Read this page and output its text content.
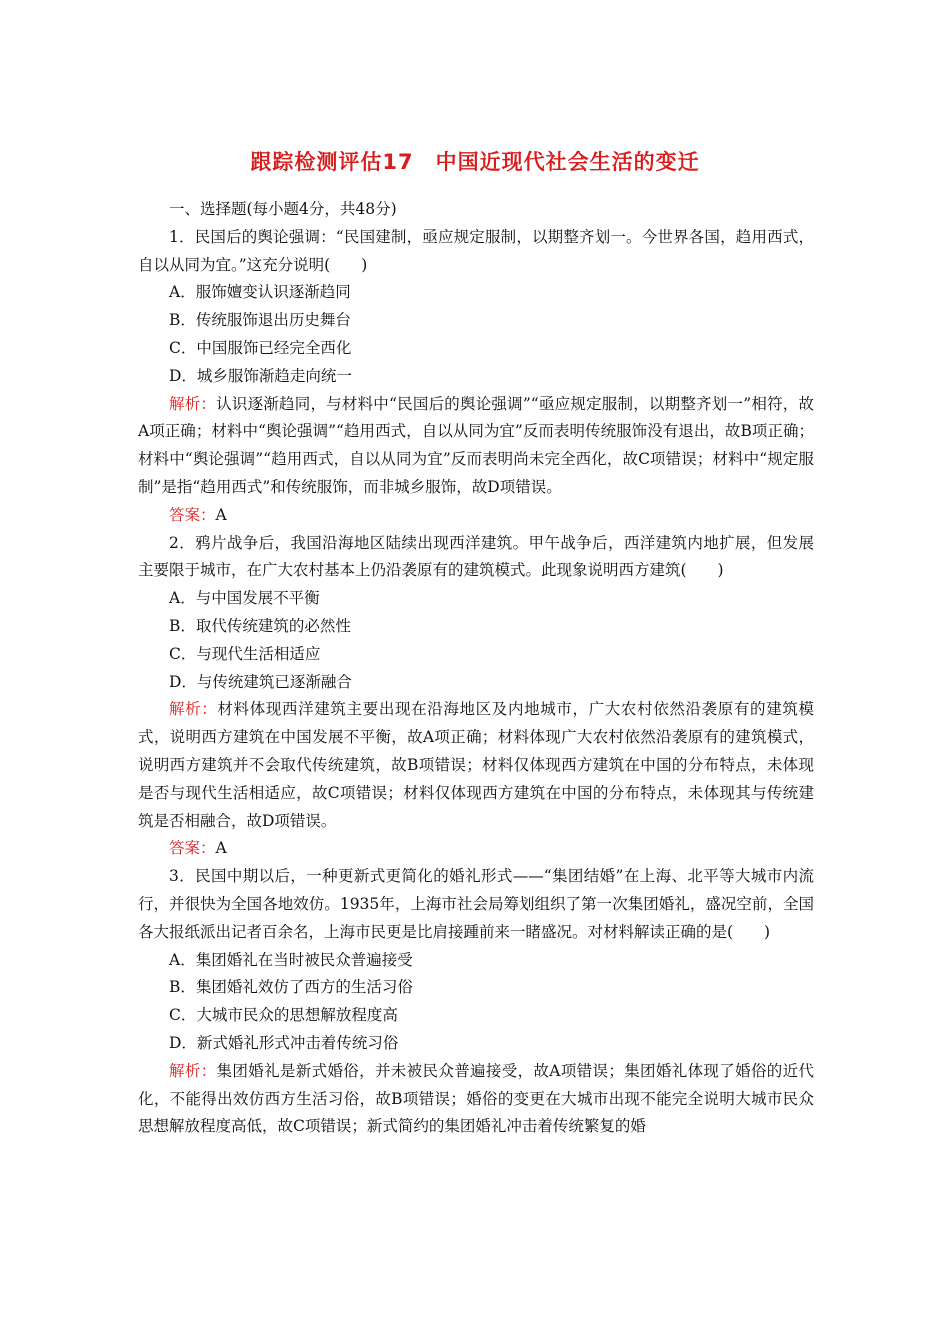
跟踪检测评估17　中国近现代社会生活的变迁

一、选择题(每小题4分，共48分)

1．民国后的舆论强调：“民国建制，亟应规定服制，以期整齐划一。今世界各国，趋用西式，自以从同为宜。”这充分说明(　　)

A．服饰嬗变认识逐渐趋同

B．传统服饰退出历史舞台

C．中国服饰已经完全西化

D．城乡服饰渐趋走向统一

解析：认识逐渐趋同，与材料中“民国后的舆论强调”“亟应规定服制，以期整齐划一”相符，故A项正确；材料中“舆论强调”“趋用西式，自以从同为宜”反而表明传统服饰没有退出，故B项正确；材料中“舆论强调”“趋用西式，自以从同为宜”反而表明尚未完全西化，故C项错误；材料中“规定服制”是指“趋用西式”和传统服饰，而非城乡服饰，故D项错误。

答案：A

2．鸦片战争后，我国沿海地区陆续出现西洋建筑。甲午战争后，西洋建筑内地扩展，但发展主要限于城市，在广大农村基本上仍沿袭原有的建筑模式。此现象说明西方建筑(　　)

A．与中国发展不平衡

B．取代传统建筑的必然性

C．与现代生活相适应

D．与传统建筑已逐渐融合

解析：材料体现西洋建筑主要出现在沿海地区及内地城市，广大农村依然沿袭原有的建筑模式，说明西方建筑在中国发展不平衡，故A项正确；材料体现广大农村依然沿袭原有的建筑模式，说明西方建筑并不会取代传统建筑，故B项错误；材料仅体现西方建筑在中国的分布特点，未体现是否与现代生活相适应，故C项错误；材料仅体现西方建筑在中国的分布特点，未体现其与传统建筑是否相融合，故D项错误。

答案：A

3．民国中期以后，一种更新式更简化的婚礼形式——“集团结婚”在上海、北平等大城市内流行，并很快为全国各地效仿。1935年，上海市社会局筹划组织了第一次集团婚礼，盛况空前，全国各大报纸派出记者百余名，上海市民更是比肩接踵前来一睹盛况。对材料解读正确的是(　　)

A．集团婚礼在当时被民众普遍接受

B．集团婚礼效仿了西方的生活习俗

C．大城市民众的思想解放程度高

D．新式婚礼形式冲击着传统习俗

解析：集团婚礼是新式婚俗，并未被民众普遍接受，故A项错误；集团婚礼体现了婚俗的近代化，不能得出效仿西方生活习俗，故B项错误；婚俗的变更在大城市出现不能完全说明大城市民众思想解放程度高低，故C项错误；新式简约的集团婚礼冲击着传统繁复的婚
